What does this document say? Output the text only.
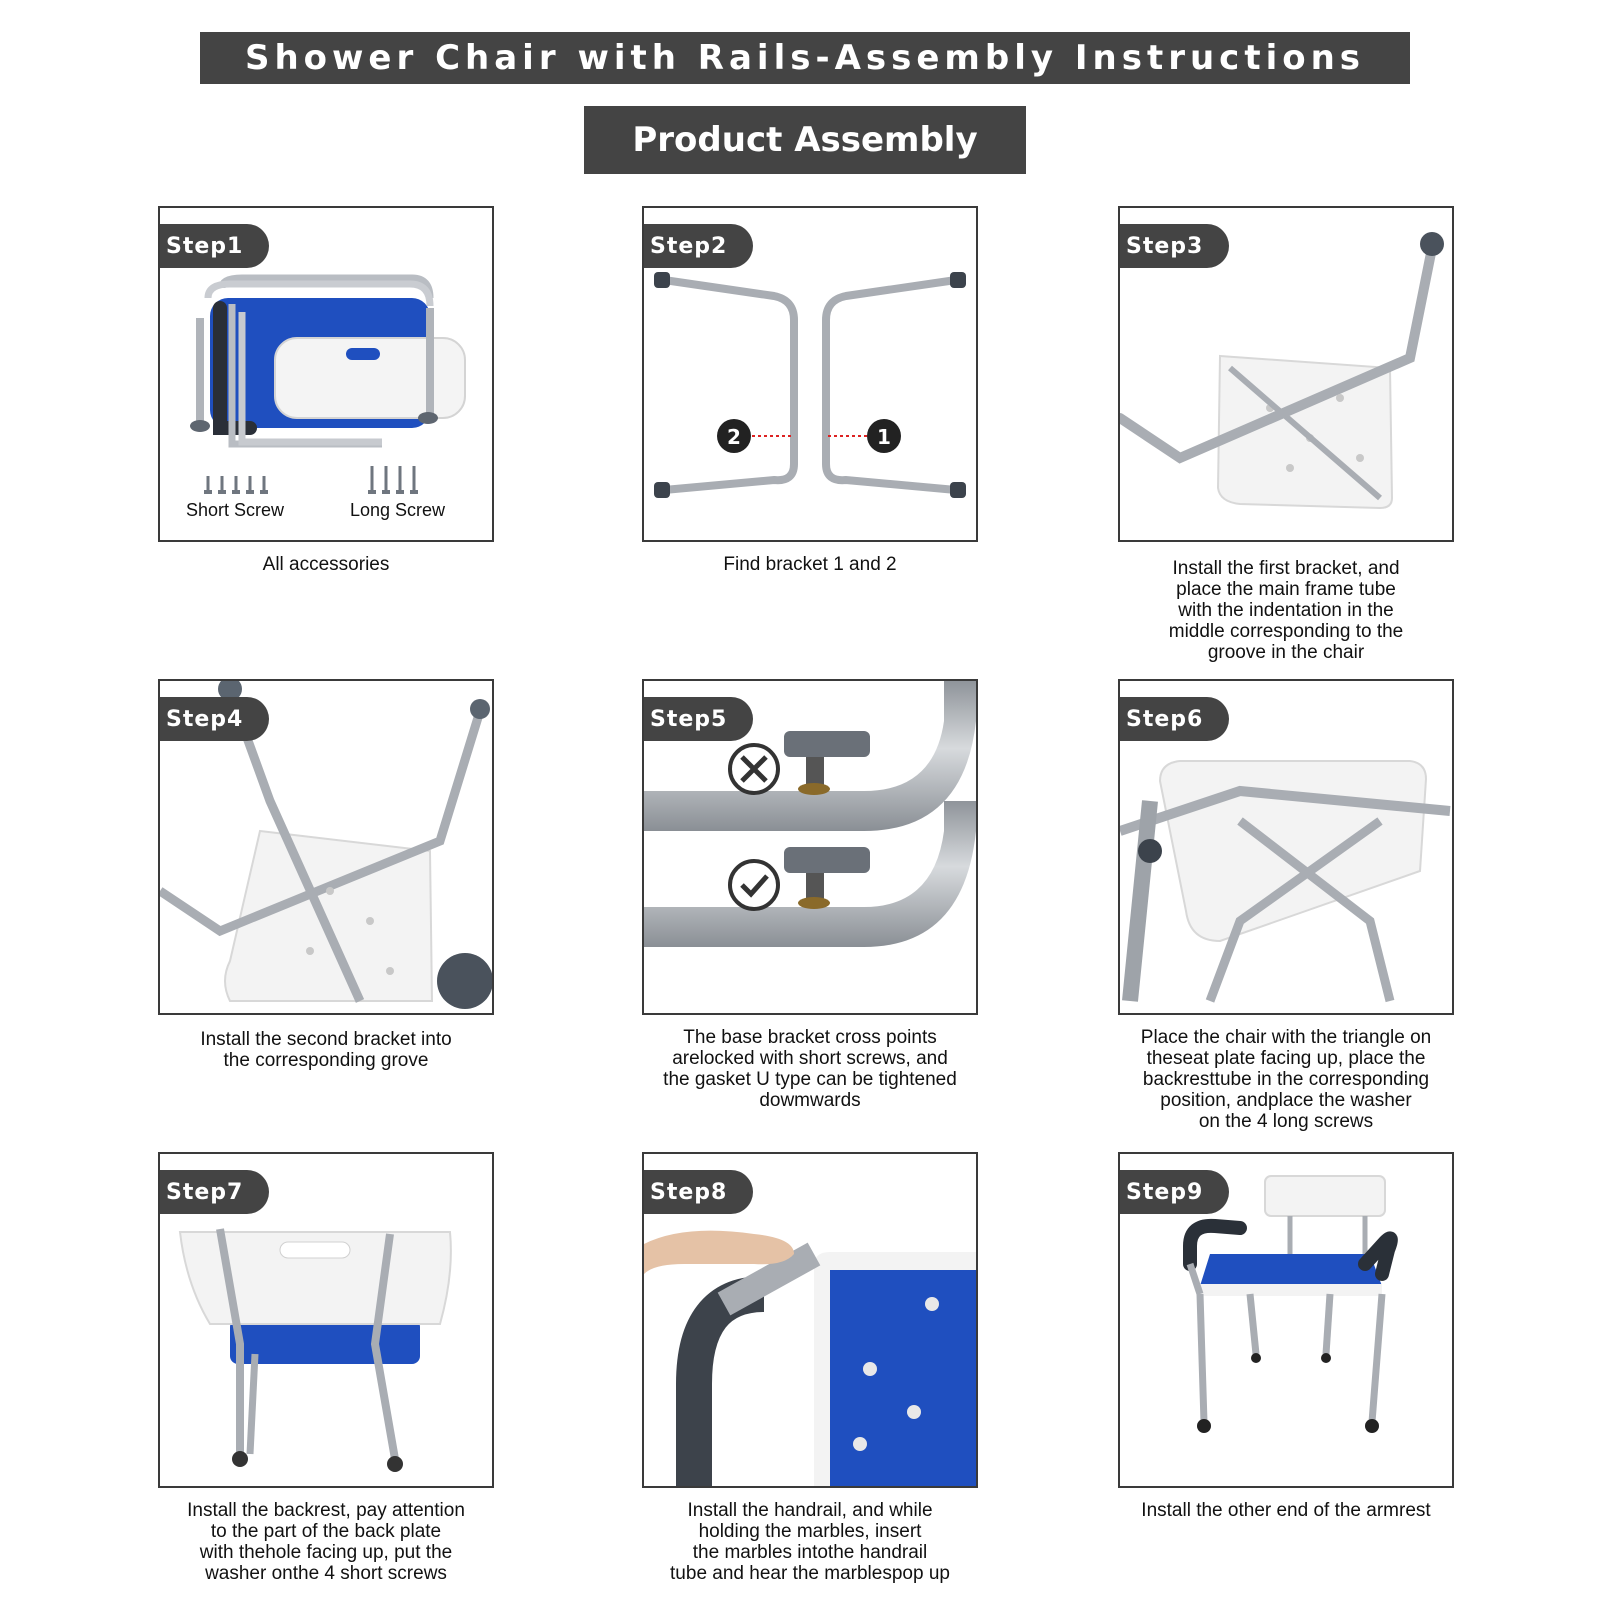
Shower Chair with Rails-Assembly Instructions
Product Assembly
Step1
Short Screw	Long Screw
All accessories
Step2
2	1
Find bracket 1 and 2
Step3
Install the first bracket, and
place the main frame tube
with the indentation in the
middle corresponding to the
groove in the chair
Step4
Install the second bracket into
the corresponding grove
Step5
The base bracket cross points
arelocked with short screws, and
the gasket U type can be tightened
dowmwards
Step6
Place the chair with the triangle on
theseat plate facing up, place the
backresttube in the corresponding
position, andplace the washer
on the 4 long screws
Step7
Install the backrest, pay attention
to the part of the back plate
with thehole facing up, put the
washer onthe 4 short screws
Step8
Install the handrail, and while
holding the marbles, insert
the marbles intothe handrail
tube and hear the marblespop up
Step9
Install the other end of the armrest
